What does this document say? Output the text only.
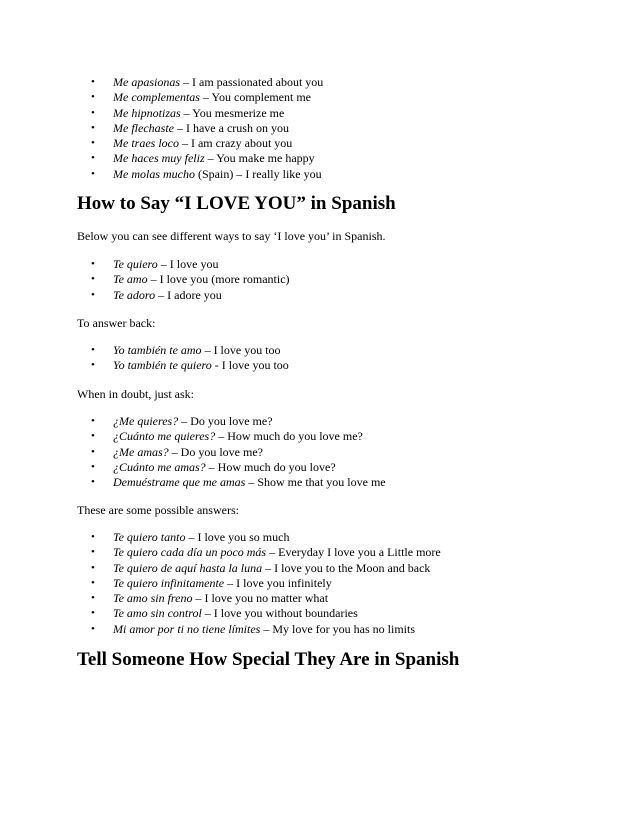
• Me apasionas – I am passionated about you
• Me complementas – You complement me
• Me hipnotizas – You mesmerize me
• Me flechaste – I have a crush on you
• Me traes loco – I am crazy about you
• Me haces muy feliz – You make me happy
• Me molas mucho (Spain) – I really like you
How to Say “I LOVE YOU” in Spanish

Below you can see different ways to say ‘I love you’ in Spanish.

• Te quiero – I love you
• Te amo – I love you (more romantic)
• Te adoro – I adore you

To answer back:

• Yo también te amo – I love you too
• Yo también te quiero - I love you too

When in doubt, just ask:

• ¿Me quieres? – Do you love me?
• ¿Cuánto me quieres? – How much do you love me?
• ¿Me amas? – Do you love me?
• ¿Cuánto me amas? – How much do you love?
• Demuéstrame que me amas – Show me that you love me

These are some possible answers:

• Te quiero tanto – I love you so much
• Te quiero cada día un poco más – Everyday I love you a Little more
• Te quiero de aquí hasta la luna – I love you to the Moon and back
• Te quiero infinitamente – I love you infinitely
• Te amo sin freno – I love you no matter what
• Te amo sin control – I love you without boundaries
• Mi amor por ti no tiene límites – My love for you has no limits
Tell Someone How Special They Are in Spanish
